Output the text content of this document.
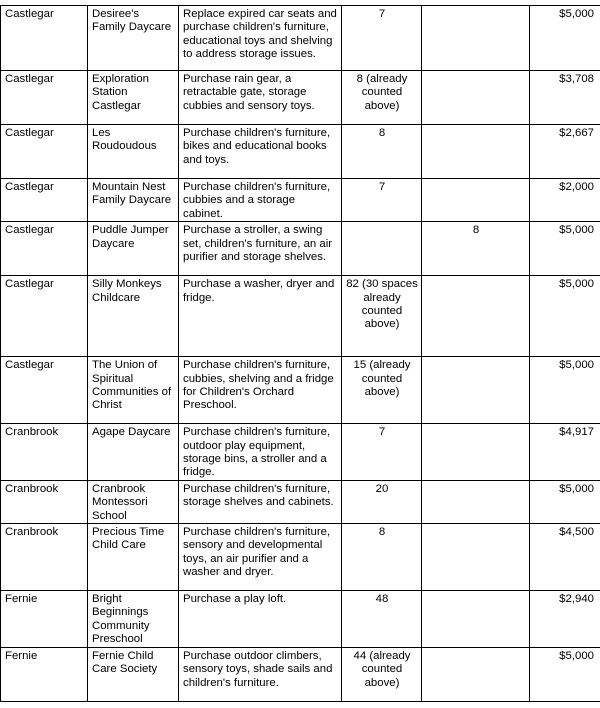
Castlegar	Desiree's Family Daycare	Replace expired car seats and purchase children's furniture, educational toys and shelving to address storage issues.	7		$5,000
Castlegar	Exploration Station Castlegar	Purchase rain gear, a retractable gate, storage cubbies and sensory toys.	8 (already counted above)		$3,708
Castlegar	Les Roudoudous	Purchase children's furniture, bikes and educational books and toys.	8		$2,667
Castlegar	Mountain Nest Family Daycare	Purchase children's furniture, cubbies and a storage cabinet.	7		$2,000
Castlegar	Puddle Jumper Daycare	Purchase a stroller, a swing set, children's furniture, an air purifier and storage shelves.		8	$5,000
Castlegar	Silly Monkeys Childcare	Purchase a washer, dryer and fridge.	82 (30 spaces already counted above)		$5,000
Castlegar	The Union of Spiritual Communities of Christ	Purchase children's furniture, cubbies, shelving and a fridge for Children's Orchard Preschool.	15 (already counted above)		$5,000
Cranbrook	Agape Daycare	Purchase children's furniture, outdoor play equipment, storage bins, a stroller and a fridge.	7		$4,917
Cranbrook	Cranbrook Montessori School	Purchase children's furniture, storage shelves and cabinets.	20		$5,000
Cranbrook	Precious Time Child Care	Purchase children's furniture, sensory and developmental toys, an air purifier and a washer and dryer.	8		$4,500
Fernie	Bright Beginnings Community Preschool	Purchase a play loft.	48		$2,940
Fernie	Fernie Child Care Society	Purchase outdoor climbers, sensory toys, shade sails and children's furniture.	44 (already counted above)		$5,000
